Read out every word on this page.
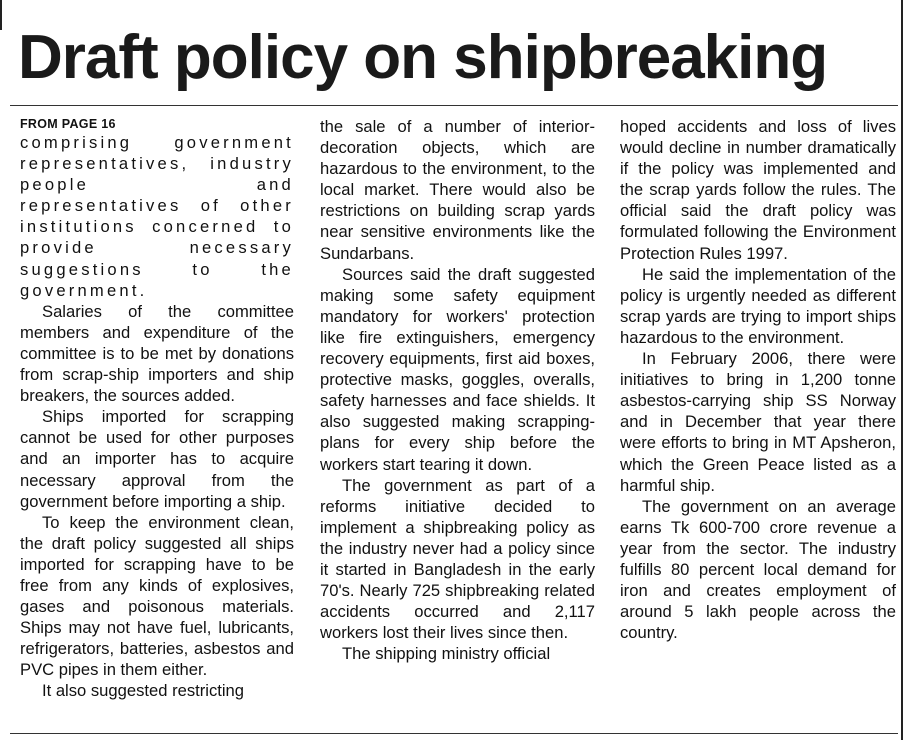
Draft policy on shipbreaking
FROM PAGE 16

comprising government representatives, industry people and representatives of other institutions concerned to provide necessary suggestions to the government.

Salaries of the committee members and expenditure of the committee is to be met by donations from scrap-ship importers and ship breakers, the sources added.

Ships imported for scrapping cannot be used for other purposes and an importer has to acquire necessary approval from the government before importing a ship.

To keep the environment clean, the draft policy suggested all ships imported for scrapping have to be free from any kinds of explosives, gases and poisonous materials. Ships may not have fuel, lubricants, refrigerators, batteries, asbestos and PVC pipes in them either.

It also suggested restricting

the sale of a number of interior-decoration objects, which are hazardous to the environment, to the local market. There would also be restrictions on building scrap yards near sensitive environments like the Sundarbans.

Sources said the draft suggested making some safety equipment mandatory for workers' protection like fire extinguishers, emergency recovery equipments, first aid boxes, protective masks, goggles, overalls, safety harnesses and face shields. It also suggested making scrapping-plans for every ship before the workers start tearing it down.

The government as part of a reforms initiative decided to implement a shipbreaking policy as the industry never had a policy since it started in Bangladesh in the early 70's. Nearly 725 shipbreaking related accidents occurred and 2,117 workers lost their lives since then.

The shipping ministry official

hoped accidents and loss of lives would decline in number dramatically if the policy was implemented and the scrap yards follow the rules. The official said the draft policy was formulated following the Environment Protection Rules 1997.

He said the implementation of the policy is urgently needed as different scrap yards are trying to import ships hazardous to the environment.

In February 2006, there were initiatives to bring in 1,200 tonne asbestos-carrying ship SS Norway and in December that year there were efforts to bring in MT Apsheron, which the Green Peace listed as a harmful ship.

The government on an average earns Tk 600-700 crore revenue a year from the sector. The industry fulfills 80 percent local demand for iron and creates employment of around 5 lakh people across the country.
